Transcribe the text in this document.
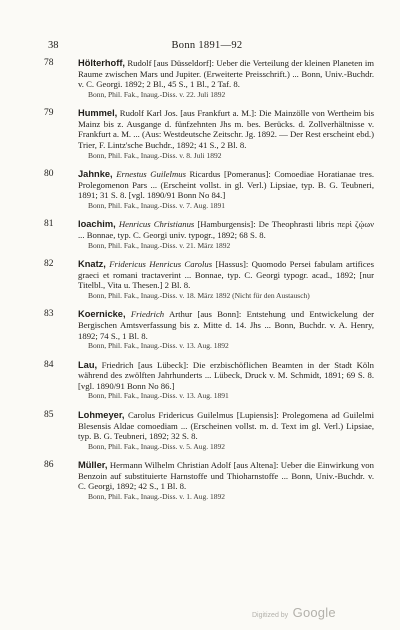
38	Bonn 1891—92
78	Hölterhoff, Rudolf [aus Düsseldorf]: Ueber die Verteilung der kleinen Planeten im Raume zwischen Mars und Jupiter. (Erweiterte Preisschrift.) ... Bonn, Univ.-Buchdr. v. C. Georgi. 1892; 2 Bl., 45 S., 1 Bl., 2 Taf. 8.
Bonn, Phil. Fak., Inaug.-Diss. v. 22. Juli 1892
79	Hummel, Rudolf Karl Jos. [aus Frankfurt a. M.]: Die Mainzölle von Wertheim bis Mainz bis z. Ausgange d. fünfzehnten Jhs m. bes. Berücks. d. Zollverhältnisse v. Frankfurt a. M. ... (Aus: Westdeutsche Zeitschr. Jg. 1892. — Der Rest erscheint ebd.) Trier, F. Lintz'sche Buchdr., 1892; 41 S., 2 Bl. 8.
Bonn, Phil. Fak., Inaug.-Diss. v. 8. Juli 1892
80	Jahnke, Ernestus Guilelmus Ricardus [Pomeranus]: Comoediae Horatianae tres. Prolegomenon Pars ... (Erscheint vollst. in gl. Verl.) Lipsiae, typ. B. G. Teubneri, 1891; 31 S. 8. [vgl. 1890/91 Bonn No 84.]
Bonn, Phil. Fak., Inaug.-Diss. v. 7. Aug. 1891
81	Ioachim, Henricus Christianus [Hamburgensis]: De Theophrasti libris περὶ ζῴων ... Bonnae, typ. C. Georgi univ. typogr., 1892; 68 S. 8.
Bonn, Phil. Fak., Inaug.-Diss. v. 21. März 1892
82	Knatz, Fridericus Henricus Carolus [Hassus]: Quomodo Persei fabulam artifices graeci et romani tractaverint ... Bonnae, typ. C. Georgi typogr. acad., 1892; [nur Titelbl., Vita u. Thesen.] 2 Bl. 8.
Bonn, Phil. Fak., Inaug.-Diss. v. 18. März 1892 (Nicht für den Austausch)
83	Koernicke, Friedrich Arthur [aus Bonn]: Entstehung und Entwickelung der Bergischen Amtsverfassung bis z. Mitte d. 14. Jhs ... Bonn, Buchdr. v. A. Henry, 1892; 74 S., 1 Bl. 8.
Bonn, Phil. Fak., Inaug.-Diss. v. 13. Aug. 1892
84	Lau, Friedrich [aus Lübeck]: Die erzbischöflichen Beamten in der Stadt Köln während des zwölften Jahrhunderts ... Lübeck, Druck v. M. Schmidt, 1891; 69 S. 8. [vgl. 1890/91 Bonn No 86.]
Bonn, Phil. Fak., Inaug.-Diss. v. 13. Aug. 1891
85	Lohmeyer, Carolus Fridericus Guilelmus [Lupiensis]: Prolegomena ad Guilelmi Blesensis Aldae comoediam ... (Erscheinen vollst. m. d. Text im gl. Verl.) Lipsiae, typ. B. G. Teubneri, 1892; 32 S. 8.
Bonn, Phil. Fak., Inaug.-Diss. v. 5. Aug. 1892
86	Müller, Hermann Wilhelm Christian Adolf [aus Altena]: Ueber die Einwirkung von Benzoin auf substituierte Harnstoffe und Thioharnstoffe ... Bonn, Univ.-Buchdr. v. C. Georgi, 1892; 42 S., 1 Bl. 8.
Bonn, Phil. Fak., Inaug.-Diss. v. 1. Aug. 1892
Digitized by Google
